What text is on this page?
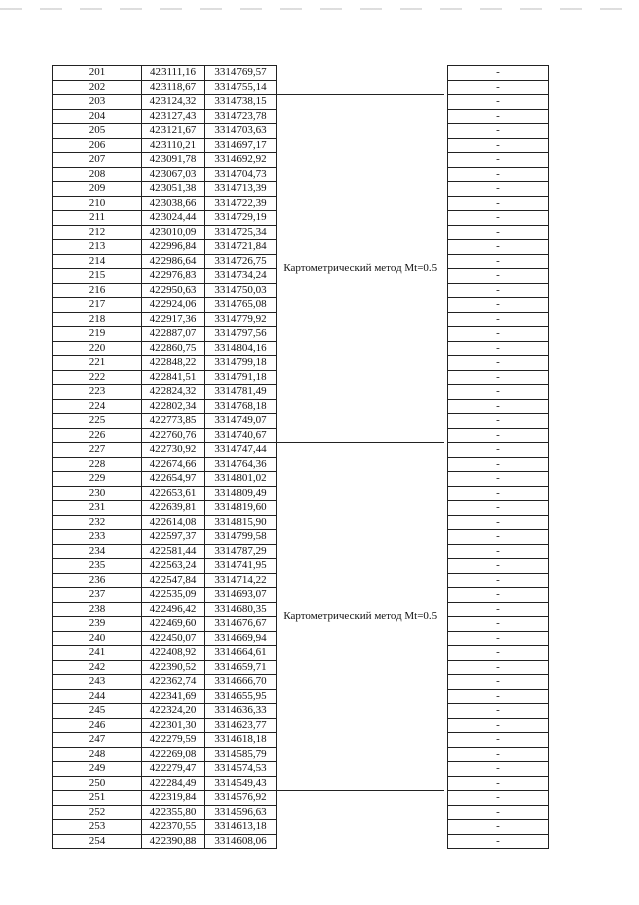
201	423111,16	3314769,57			-
202	423118,67	3314755,14			-
203	423124,32	3314738,15	Картометрический метод Mt=0.5		-
204	423127,43	3314723,78			-
205	423121,67	3314703,63			-
206	423110,21	3314697,17			-
207	423091,78	3314692,92			-
208	423067,03	3314704,73			-
209	423051,38	3314713,39			-
210	423038,66	3314722,39			-
211	423024,44	3314729,19			-
212	423010,09	3314725,34			-
213	422996,84	3314721,84			-
214	422986,64	3314726,75			-
215	422976,83	3314734,24			-
216	422950,63	3314750,03			-
217	422924,06	3314765,08			-
218	422917,36	3314779,92			-
219	422887,07	3314797,56			-
220	422860,75	3314804,16			-
221	422848,22	3314799,18			-
222	422841,51	3314791,18			-
223	422824,32	3314781,49			-
224	422802,34	3314768,18			-
225	422773,85	3314749,07			-
226	422760,76	3314740,67			-
227	422730,92	3314747,44	Картометрический метод Mt=0.5		-
228	422674,66	3314764,36			-
229	422654,97	3314801,02			-
230	422653,61	3314809,49			-
231	422639,81	3314819,60			-
232	422614,08	3314815,90			-
233	422597,37	3314799,58			-
234	422581,44	3314787,29			-
235	422563,24	3314741,95			-
236	422547,84	3314714,22			-
237	422535,09	3314693,07			-
238	422496,42	3314680,35			-
239	422469,60	3314676,67			-
240	422450,07	3314669,94			-
241	422408,92	3314664,61			-
242	422390,52	3314659,71			-
243	422362,74	3314666,70			-
244	422341,69	3314655,95			-
245	422324,20	3314636,33			-
246	422301,30	3314623,77			-
247	422279,59	3314618,18			-
248	422269,08	3314585,79			-
249	422279,47	3314574,53			-
250	422284,49	3314549,43			-
251	422319,84	3314576,92			-
252	422355,80	3314596,63			-
253	422370,55	3314613,18			-
254	422390,88	3314608,06			-
